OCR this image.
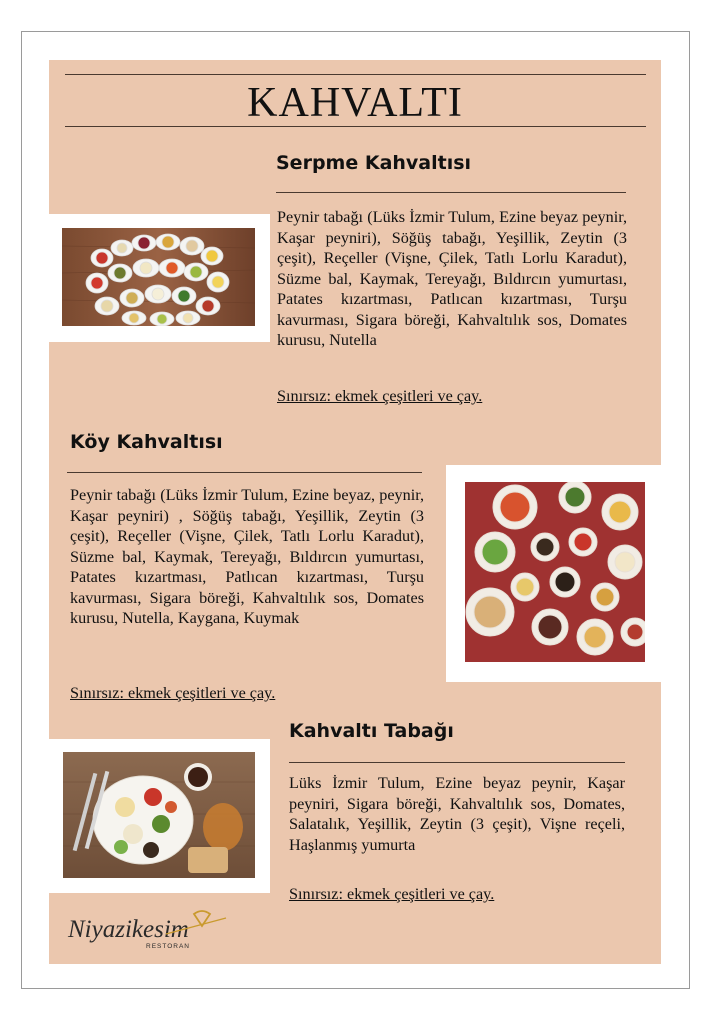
KAHVALTI
Serpme Kahvaltısı

Peynir tabağı (Lüks İzmir Tulum, Ezine beyaz peynir, Kaşar peyniri), Söğüş tabağı, Yeşillik, Zeytin (3 çeşit), Reçeller (Vişne, Çilek, Tatlı Lorlu Karadut), Süzme bal, Kaymak, Tereyağı, Bıldırcın yumurtası, Patates kızartması, Patlıcan kızartması, Turşu kavurması, Sigara böreği, Kahvaltılık sos, Domates kurusu, Nutella

Sınırsız: ekmek çeşitleri ve çay.
Köy Kahvaltısı

Peynir tabağı (Lüks İzmir Tulum, Ezine beyaz, peynir, Kaşar peyniri) , Söğüş tabağı, Yeşillik, Zeytin (3 çeşit), Reçeller (Vişne, Çilek, Tatlı Lorlu Karadut), Süzme bal, Kaymak, Tereyağı, Bıldırcın yumurtası, Patates kızartması, Patlıcan kızartması, Turşu kavurması, Sigara böreği, Kahvaltılık sos, Domates kurusu, Nutella, Kaygana, Kuymak

Sınırsız: ekmek çeşitleri ve çay.
Kahvaltı Tabağı

Lüks İzmir Tulum, Ezine beyaz peynir, Kaşar peyniri, Sigara böreği, Kahvaltılık sos, Domates, Salatalık, Yeşillik, Zeytin (3 çeşit), Vişne reçeli, Haşlanmış yumurta

Sınırsız: ekmek çeşitleri ve çay.
Niyazikesim
RESTORAN
